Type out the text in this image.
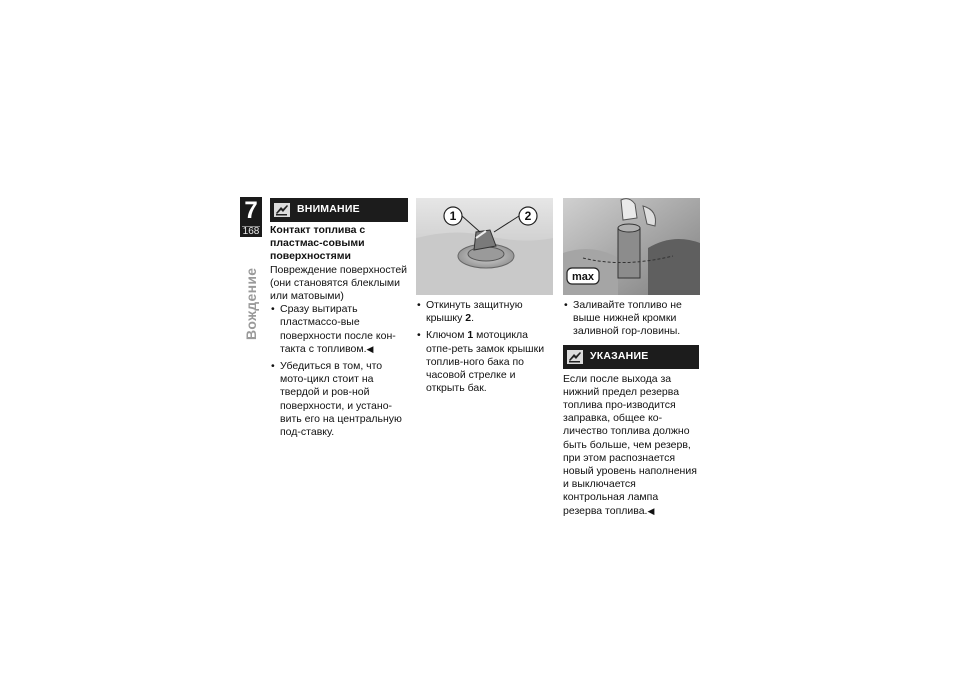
7
168
Вождение
ВНИМАНИЕ
Контакт топлива с пластмас-совыми поверхностями

Повреждение поверхностей (они становятся блеклыми или матовыми)

• Сразу вытирать пластмассо-вые поверхности после кон-такта с топливом.◀
• Убедиться в том, что мото-цикл стоит на твердой и ров-ной поверхности, и устано-вить его на центральную под-ставку.
1	2
• Откинуть защитную крышку 2.
• Ключом 1 мотоцикла отпе-реть замок крышки топлив-ного бака по часовой стрелке и открыть бак.
max
• Заливайте топливо не выше нижней кромки заливной гор-ловины.
УКАЗАНИЕ

Если после выхода за нижний предел резерва топлива про-изводится заправка, общее ко-личество топлива должно быть больше, чем резерв, при этом распознается новый уровень наполнения и выключается контрольная лампа резерва топлива.◀
